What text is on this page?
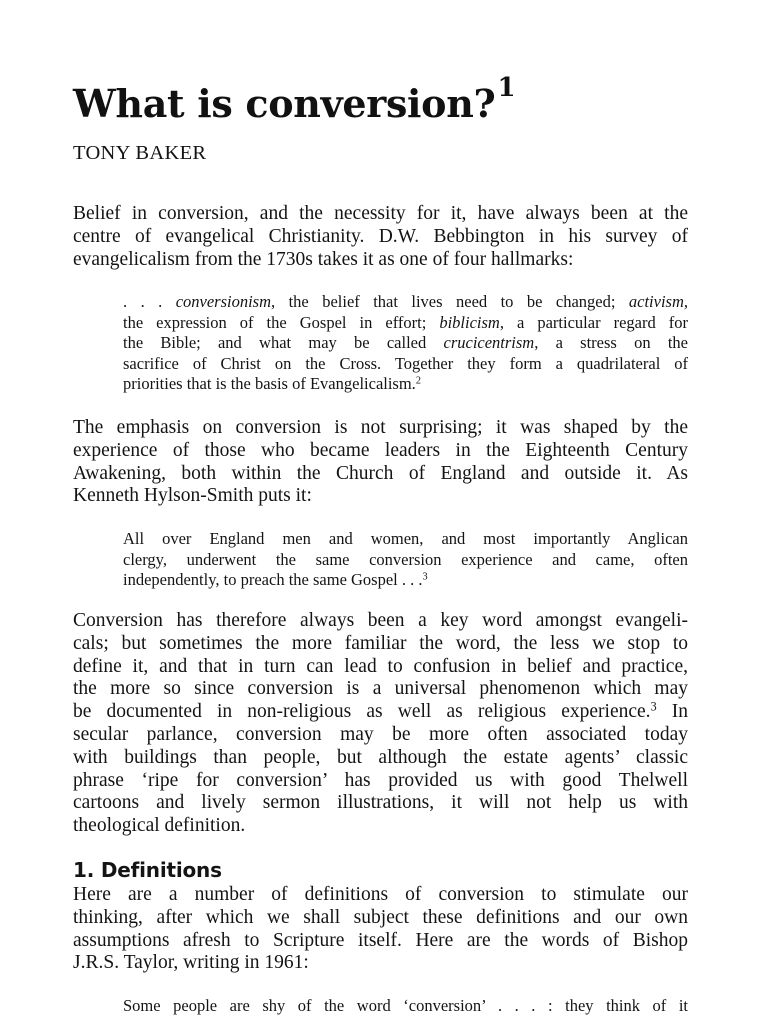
What is conversion?$^1$
TONY BAKER
Belief in conversion, and the necessity for it, have always been at the
centre of evangelical Christianity. D.W. Bebbington in his survey of
evangelicalism from the 1730s takes it as one of four hallmarks:
. . . conversionism, the belief that lives need to be changed; activism,
the expression of the Gospel in effort; biblicism, a particular regard for
the Bible; and what may be called crucicentrism, a stress on the
sacrifice of Christ on the Cross. Together they form a quadrilateral of
priorities that is the basis of Evangelicalism.$^2$
The emphasis on conversion is not surprising; it was shaped by the
experience of those who became leaders in the Eighteenth Century
Awakening, both within the Church of England and outside it. As
Kenneth Hylson-Smith puts it:
All over England men and women, and most importantly Anglican
clergy, underwent the same conversion experience and came, often
independently, to preach the same Gospel . . .$^3$
Conversion has therefore always been a key word amongst evangeli-
cals; but sometimes the more familiar the word, the less we stop to
define it, and that in turn can lead to confusion in belief and practice,
the more so since conversion is a universal phenomenon which may
be documented in non-religious as well as religious experience.$^3$ In
secular parlance, conversion may be more often associated today
with buildings than people, but although the estate agents’ classic
phrase ‘ripe for conversion’ has provided us with good Thelwell
cartoons and lively sermon illustrations, it will not help us with
theological definition.
1. Definitions
Here are a number of definitions of conversion to stimulate our
thinking, after which we shall subject these definitions and our own
assumptions afresh to Scripture itself. Here are the words of Bishop
J.R.S. Taylor, writing in 1961:
Some people are shy of the word ‘conversion’ . . . : they think of it
